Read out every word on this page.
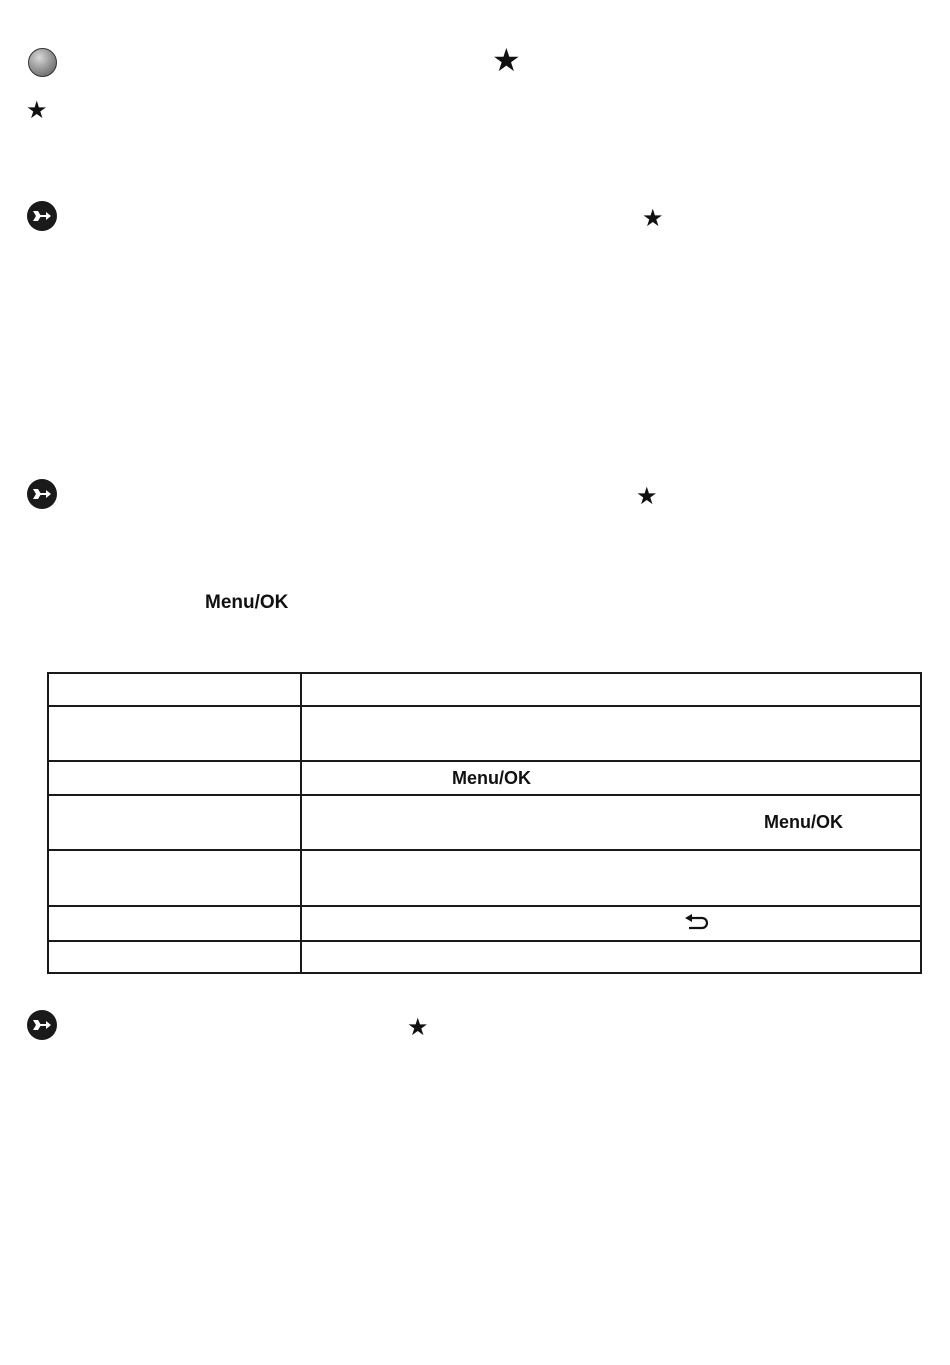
★
★
★
★
Menu/OK

	Menu/OK

	Menu/OK

★
